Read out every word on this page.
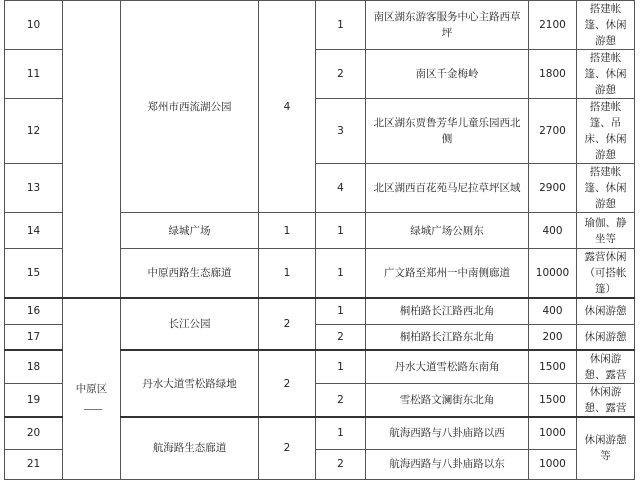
10		郑州市西流湖公园	4	1	南区湖东游客服务中心主路西草坪	2100	搭建帐篷、休闲游憩
11				2	南区千金梅岭	1800	搭建帐篷、休闲游憩
12				3	北区湖东贾鲁芳华儿童乐园西北侧	2700	搭建帐篷、吊床、休闲游憩
13				4	北区湖西百花苑马尼拉草坪区域	2900	搭建帐篷、休闲游憩
14		绿城广场	1	1	绿城广场公厕东	400	瑜伽、静坐等
15		中原西路生态廊道	1	1	广文路至郑州一中南侧廊道	10000	露营休闲（可搭帐篷）
16	中原区	长江公园	2	1	桐柏路长江路西北角	400	休闲游憩
17				2	桐柏路长江路东北角	200	休闲游憩
18		丹水大道雪松路绿地	2	1	丹水大道雪松路东南角	1500	休闲游憩、露营
19				2	雪松路文澜街东北角	1500	休闲游憩、露营
20		航海路生态廊道	2	1	航海西路与八卦庙路以西	1000	休闲游憩等
21				2	航海西路与八卦庙路以东	1000	
